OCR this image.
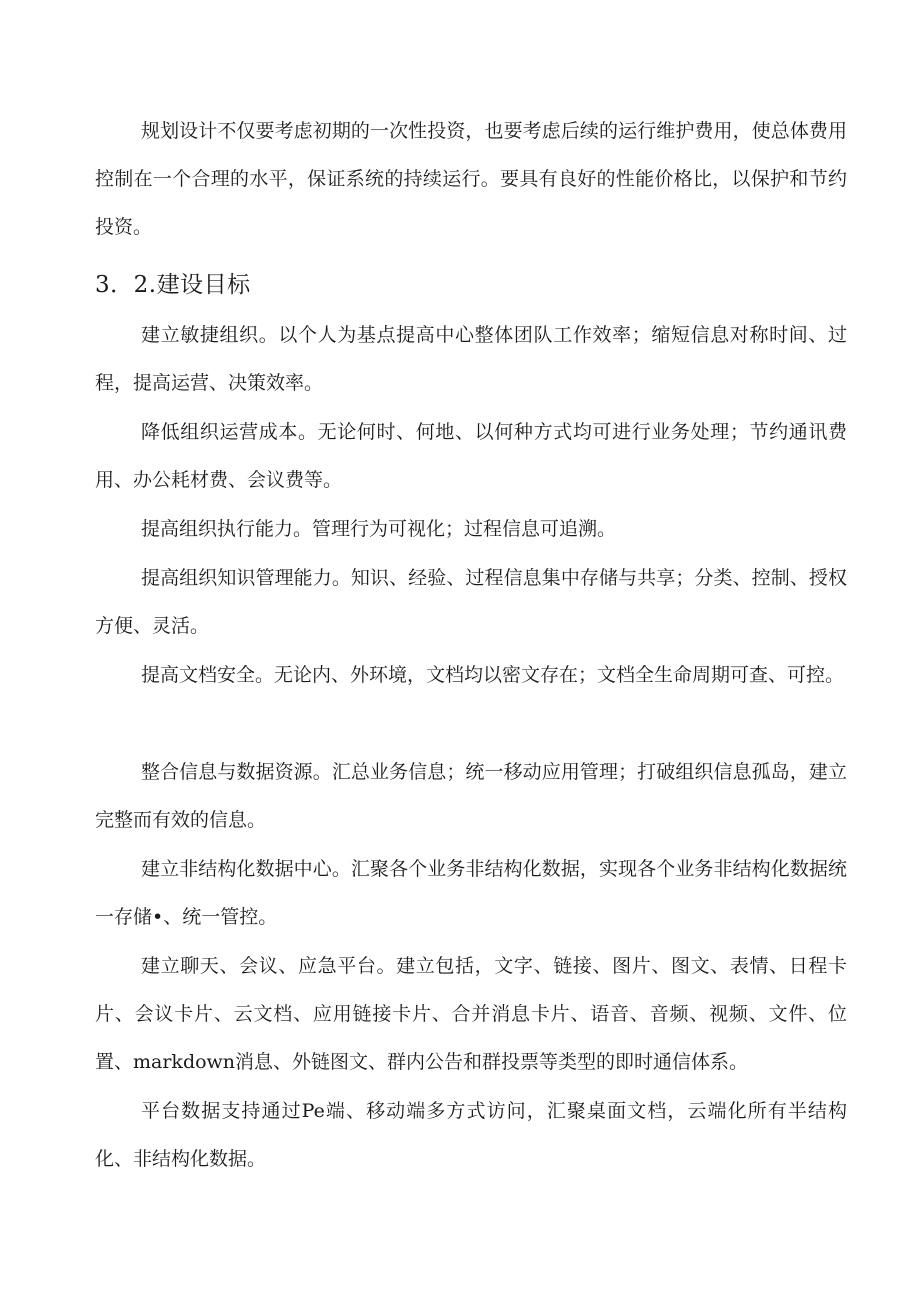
规划设计不仅要考虑初期的一次性投资，也要考虑后续的运行维护费用，使总体费用控制在一个合理的水平，保证系统的持续运行。要具有良好的性能价格比，以保护和节约投资。

3．2.建设目标

建立敏捷组织。以个人为基点提高中心整体团队工作效率；缩短信息对称时间、过程，提高运营、决策效率。

降低组织运营成本。无论何时、何地、以何种方式均可进行业务处理；节约通讯费用、办公耗材费、会议费等。

提高组织执行能力。管理行为可视化；过程信息可追溯。

提高组织知识管理能力。知识、经验、过程信息集中存储与共享；分类、控制、授权方便、灵活。

提高文档安全。无论内、外环境，文档均以密文存在；文档全生命周期可查、可控。

整合信息与数据资源。汇总业务信息；统一移动应用管理；打破组织信息孤岛，建立完整而有效的信息。

建立非结构化数据中心。汇聚各个业务非结构化数据，实现各个业务非结构化数据统一存储•、统一管控。

建立聊天、会议、应急平台。建立包括，文字、链接、图片、图文、表情、日程卡片、会议卡片、云文档、应用链接卡片、合并消息卡片、语音、音频、视频、文件、位置、markdown消息、外链图文、群内公告和群投票等类型的即时通信体系。

平台数据支持通过Pe端、移动端多方式访问，汇聚桌面文档，云端化所有半结构化、非结构化数据。
